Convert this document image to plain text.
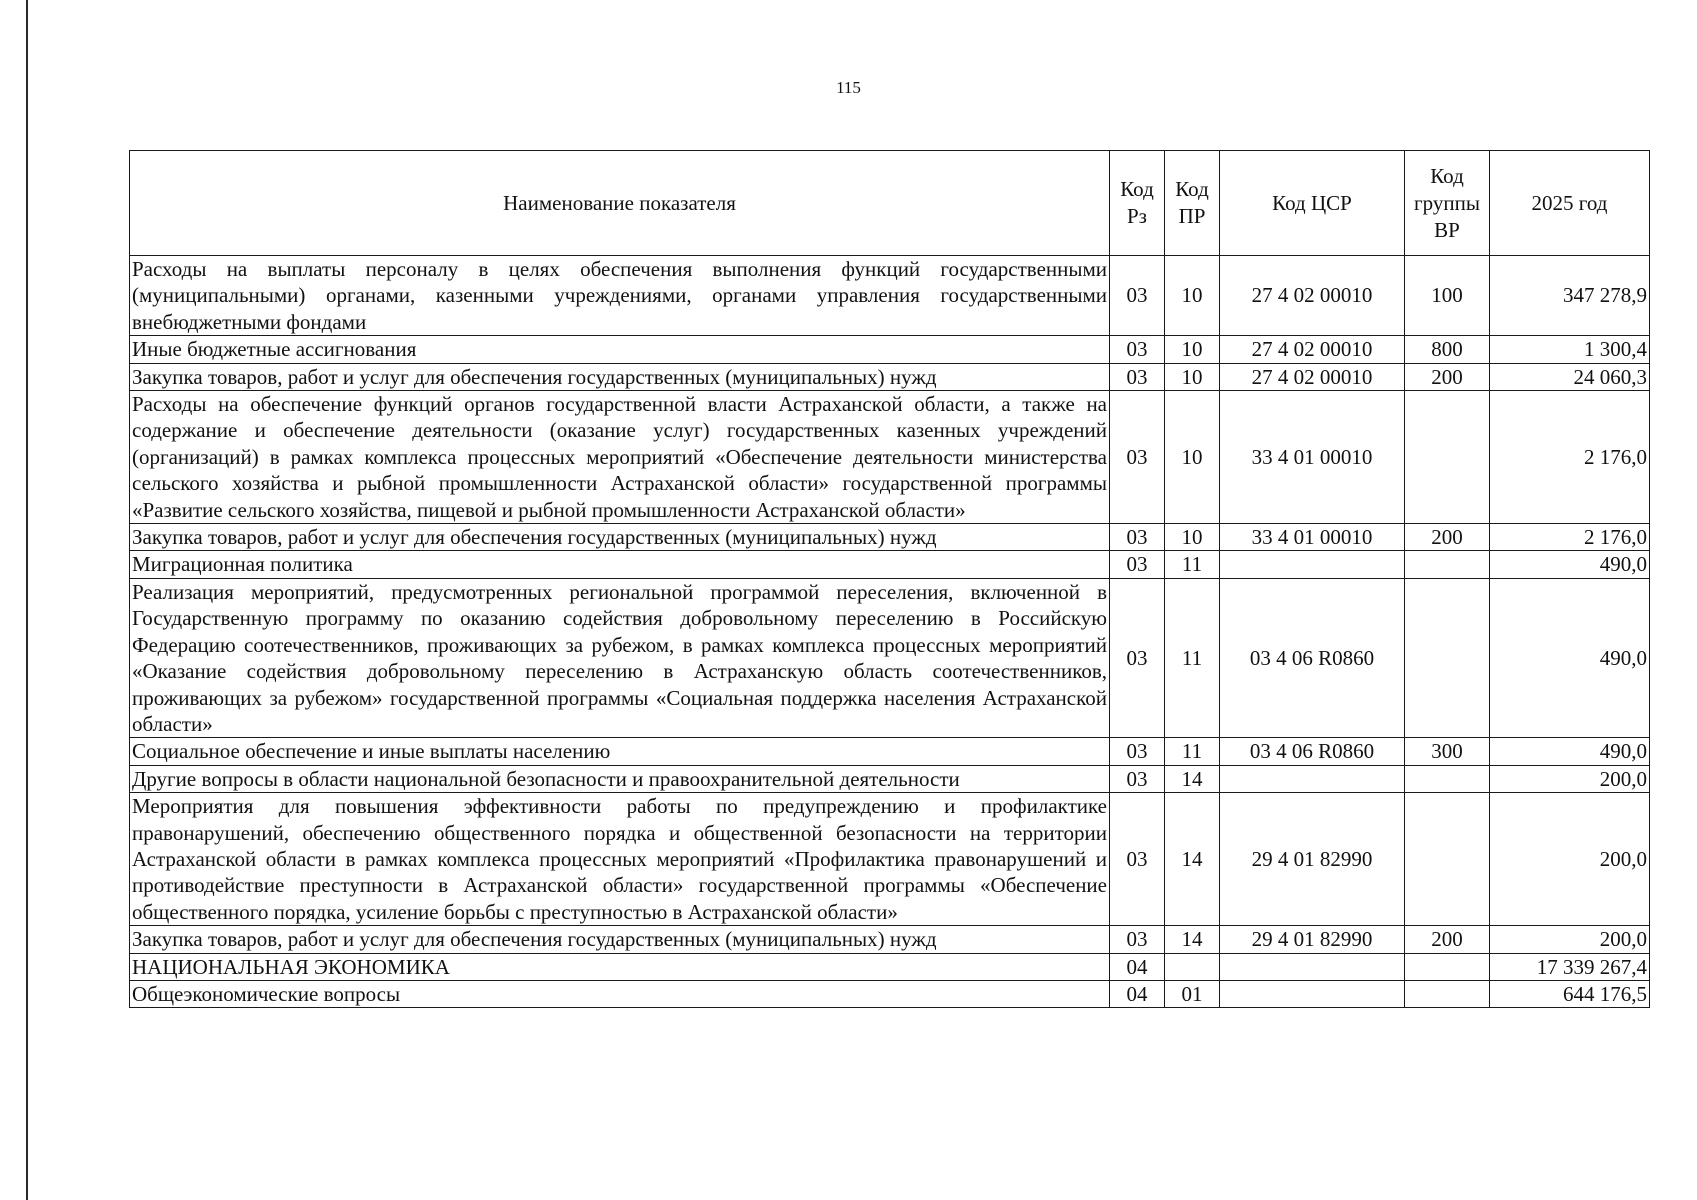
115
Наименование показателя	Код Рз	Код ПР	Код ЦСР	Код группы ВР	2025 год
Расходы на выплаты персоналу в целях обеспечения выполнения функций государственными (муниципальными) органами, казенными учреждениями, органами управления государственными внебюджетными фондами	03	10	27 4 02 00010	100	347 278,9
Иные бюджетные ассигнования	03	10	27 4 02 00010	800	1 300,4
Закупка товаров, работ и услуг для обеспечения государственных (муниципальных) нужд	03	10	27 4 02 00010	200	24 060,3
Расходы на обеспечение функций органов государственной власти Астраханской области, а также на содержание и обеспечение деятельности (оказание услуг) государственных казенных учреждений (организаций) в рамках комплекса процессных мероприятий «Обеспечение деятельности министерства сельского хозяйства и рыбной промышленности Астраханской области» государственной программы «Развитие сельского хозяйства, пищевой и рыбной промышленности Астраханской области»	03	10	33 4 01 00010		2 176,0
Закупка товаров, работ и услуг для обеспечения государственных (муниципальных) нужд	03	10	33 4 01 00010	200	2 176,0
Миграционная политика	03	11			490,0
Реализация мероприятий, предусмотренных региональной программой переселения, включенной в Государственную программу по оказанию содействия добровольному переселению в Российскую Федерацию соотечественников, проживающих за рубежом, в рамках комплекса процессных мероприятий «Оказание содействия добровольному переселению в Астраханскую область соотечественников, проживающих за рубежом» государственной программы «Социальная поддержка населения Астраханской области»	03	11	03 4 06 R0860		490,0
Социальное обеспечение и иные выплаты населению	03	11	03 4 06 R0860	300	490,0
Другие вопросы в области национальной безопасности и правоохранительной деятельности	03	14			200,0
Мероприятия для повышения эффективности работы по предупреждению и профилактике правонарушений, обеспечению общественного порядка и общественной безопасности на территории Астраханской области в рамках комплекса процессных мероприятий «Профилактика правонарушений и противодействие преступности в Астраханской области» государственной программы «Обеспечение общественного порядка, усиление борьбы с преступностью в Астраханской области»	03	14	29 4 01 82990		200,0
Закупка товаров, работ и услуг для обеспечения государственных (муниципальных) нужд	03	14	29 4 01 82990	200	200,0
НАЦИОНАЛЬНАЯ ЭКОНОМИКА	04				17 339 267,4
Общеэкономические вопросы	04	01			644 176,5
